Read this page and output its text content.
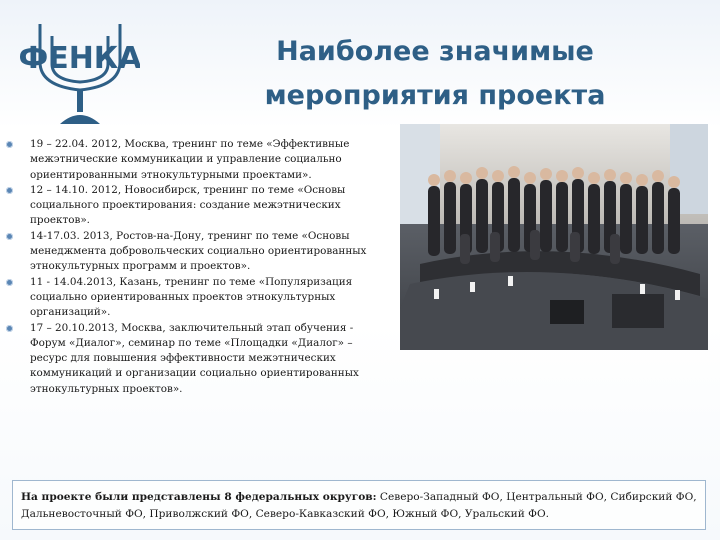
ФЕНКА	Наиболее значимые
мероприятия проекта
19 – 22.04. 2012, Москва, тренинг по теме «Эффективные межэтнические коммуникации и управление социально ориентированными этнокультурными проектами».
12 – 14.10. 2012, Новосибирск, тренинг по теме «Основы социального проектирования: создание межэтнических проектов».
14-17.03. 2013, Ростов-на-Дону, тренинг по теме «Основы менеджмента добровольческих социально ориентированных этнокультурных программ и проектов».
11 - 14.04.2013, Казань, тренинг по теме «Популяризация социально ориентированных проектов этнокультурных организаций».
17 – 20.10.2013, Москва, заключительный этап обучения - Форум «Диалог», семинар по теме «Площадки «Диалог» – ресурс для повышения эффективности межэтнических коммуникаций и организации социально ориентированных этнокультурных проектов».
На проекте были представлены 8 федеральных округов: Северо-Западный ФО, Центральный ФО, Сибирский ФО, Дальневосточный ФО, Приволжский ФО, Северо-Кавказский ФО, Южный ФО, Уральский ФО.
